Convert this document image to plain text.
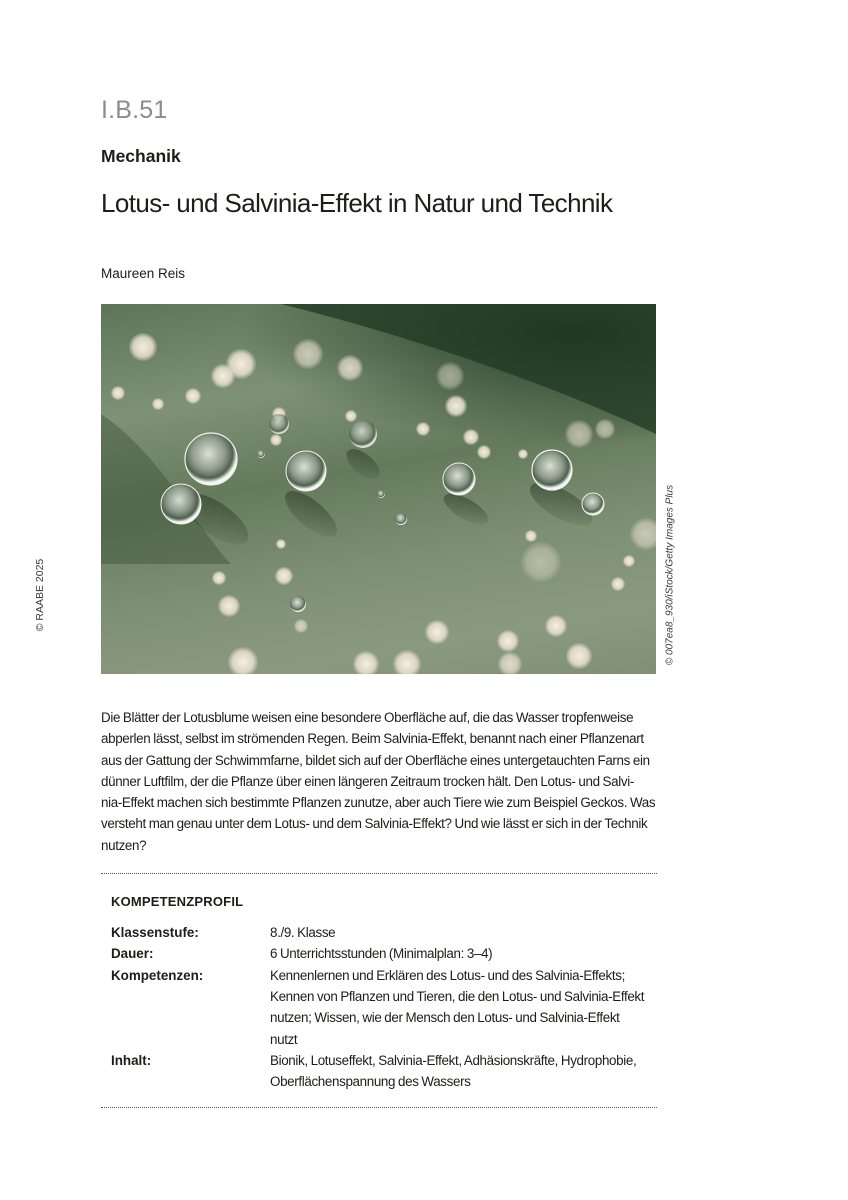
I.B.51
Mechanik
Lotus- und Salvinia-Effekt in Natur und Technik
Maureen Reis
© RAABE 2025	© 007ea8_930/iStock/Getty Images Plus
Die Blätter der Lotusblume weisen eine besondere Oberfläche auf, die das Wasser tropfenweise
abperlen lässt, selbst im strömenden Regen. Beim Salvinia-Effekt, benannt nach einer Pflanzenart
aus der Gattung der Schwimmfarne, bildet sich auf der Oberfläche eines untergetauchten Farns ein
dünner Luftfilm, der die Pflanze über einen längeren Zeitraum trocken hält. Den Lotus- und Salvi-
nia-Effekt machen sich bestimmte Pflanzen zunutze, aber auch Tiere wie zum Beispiel Geckos. Was
versteht man genau unter dem Lotus- und dem Salvinia-Effekt? Und wie lässt er sich in der Technik
nutzen?
KOMPETENZPROFIL
Klassenstufe:	8./9. Klasse
Dauer:	6 Unterrichtsstunden (Minimalplan: 3–4)
Kompetenzen:	Kennenlernen und Erklären des Lotus- und des Salvinia-Effekts;
Kennen von Pflanzen und Tieren, die den Lotus- und Salvinia-Effekt
nutzen; Wissen, wie der Mensch den Lotus- und Salvinia-Effekt
nutzt
Inhalt:	Bionik, Lotuseffekt, Salvinia-Effekt, Adhäsionskräfte, Hydrophobie,
Oberflächenspannung des Wassers
